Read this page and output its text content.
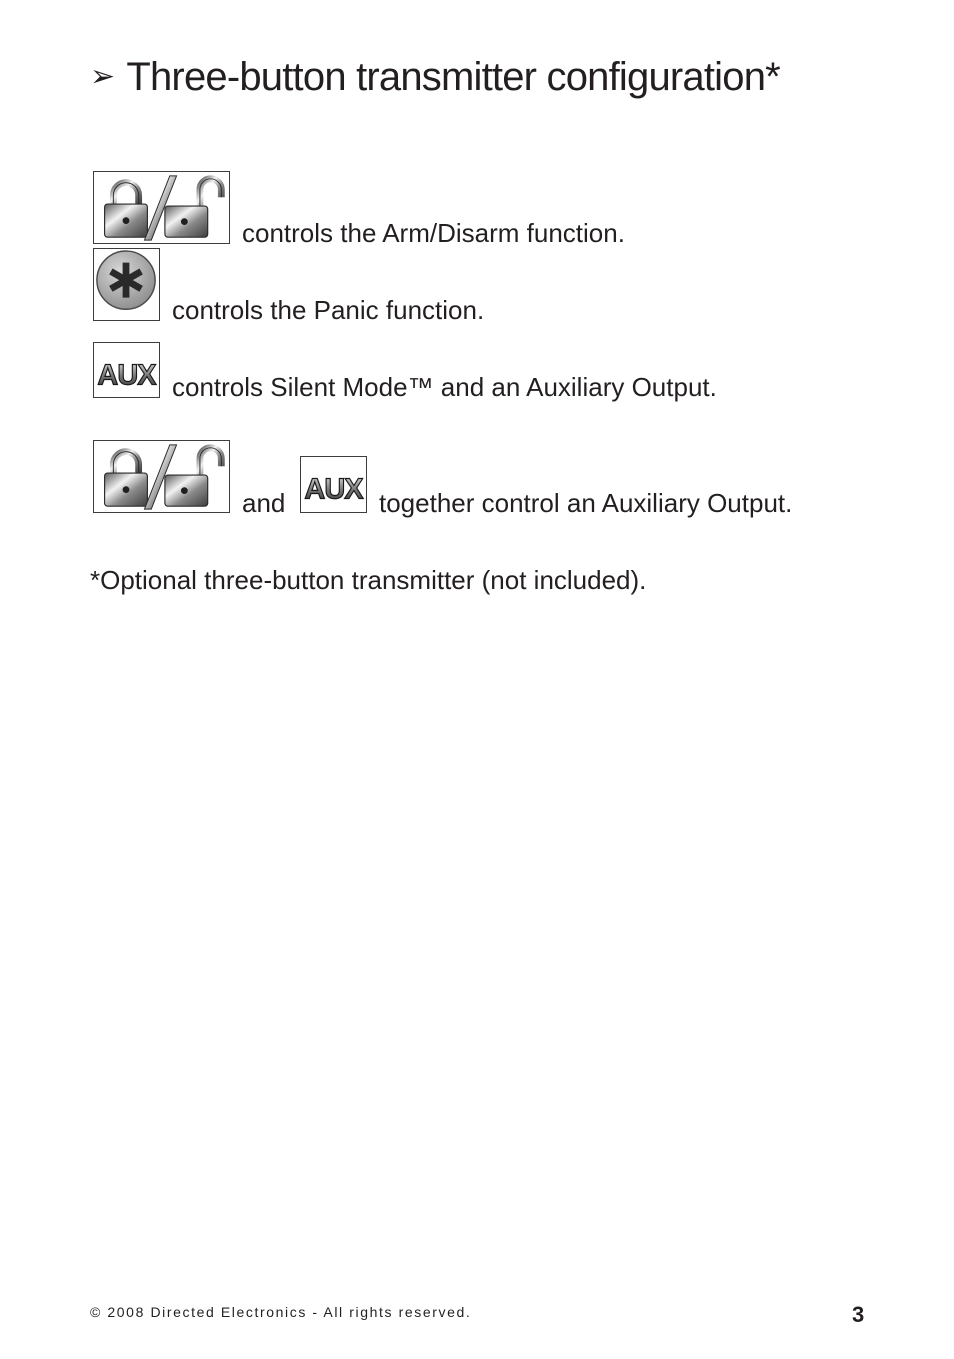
➢ Three-button transmitter configuration*
controls the Arm/Disarm function.
controls the Panic function.
AUX controls Silent Mode™ and an Auxiliary Output.
and AUX together control an Auxiliary Output.
*Optional three-button transmitter (not included).
© 2008 Directed Electronics - All rights reserved.	3
